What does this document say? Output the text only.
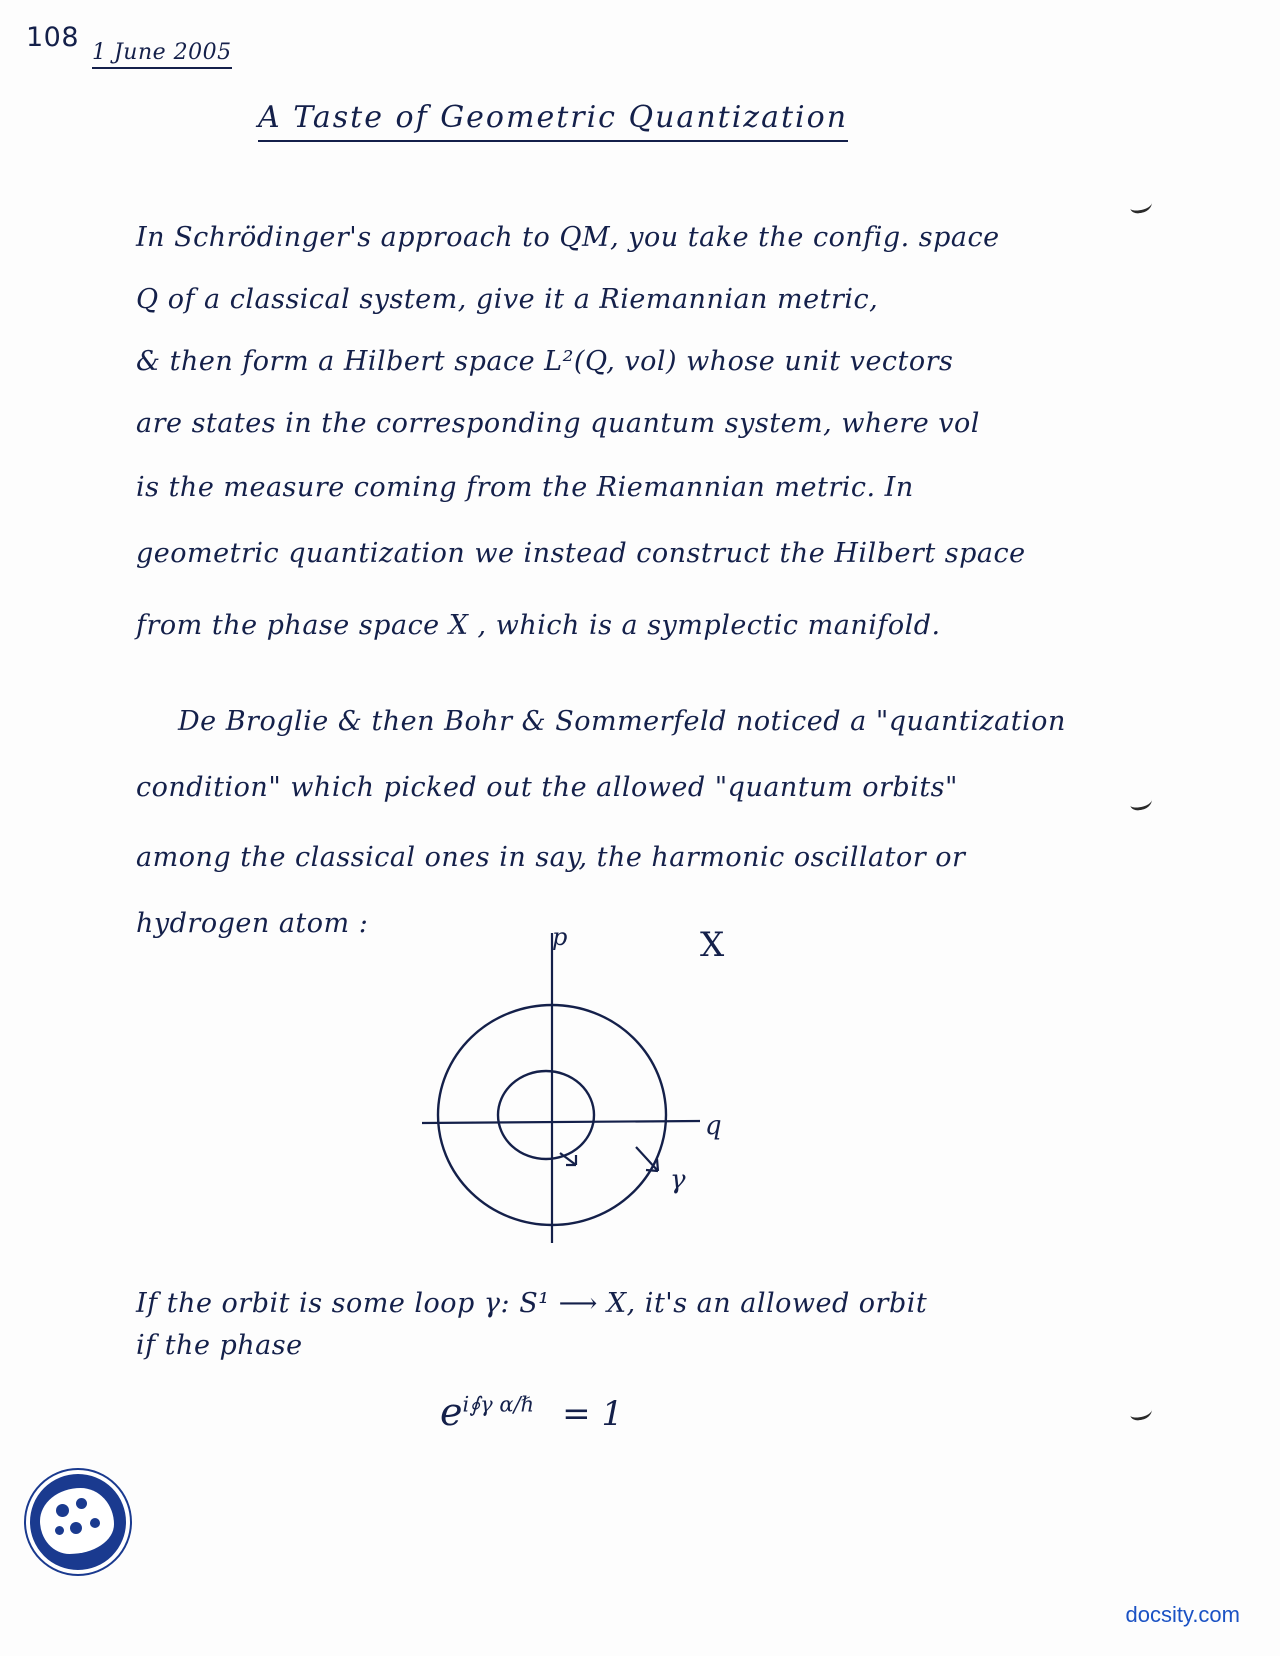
108 1 June 2005
A Taste of Geometric Quantization
In Schrödinger's approach to QM, you take the config. space
Q of a classical system, give it a Riemannian metric,
& then form a Hilbert space L²(Q, vol) whose unit vectors
are states in the corresponding quantum system, where vol
is the measure coming from the Riemannian metric. In
geometric quantization we instead construct the Hilbert space
from the phase space X , which is a symplectic manifold.
De Broglie & then Bohr & Sommerfeld noticed a "quantization
condition" which picked out the allowed "quantum orbits"
among the classical ones in say, the harmonic oscillator or
hydrogen atom :	p	X
q
γ
If the orbit is some loop γ: S¹ ⟶ X, it's an allowed orbit
if the phase
$e^{i∮\gamma \alpha/\hbar} = 1$
docsity.com
